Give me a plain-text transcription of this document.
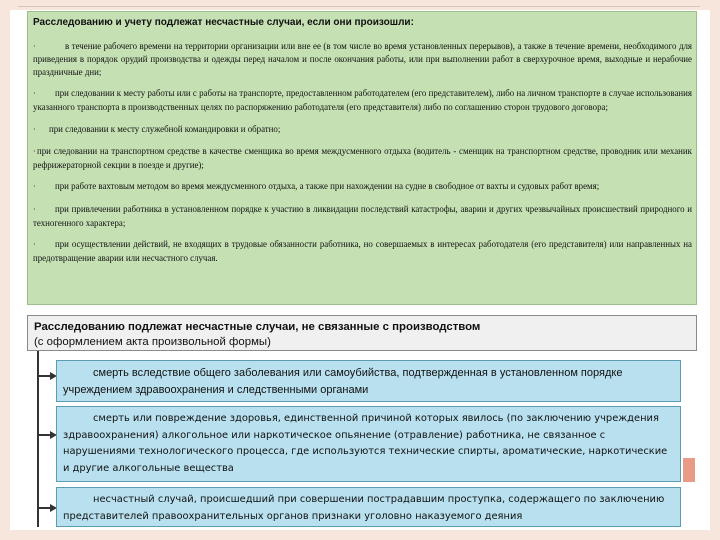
Расследованию и учету подлежат несчастные случаи, если они произошли:
·	в течение рабочего времени на территории организации или вне ее (в том числе во время установленных перерывов), а также в течение времени, необходимого для приведения в порядок орудий производства и одежды перед началом и после окончания работы, или при выполнении работ в сверхурочное время, выходные и нерабочие праздничные дни;
· при следовании к месту работы или с работы на транспорте, предоставленном работодателем (его представителем), либо на личном транспорте в случае использования указанного транспорта в производственных целях по распоряжению работодателя (его представителя) либо по соглашению сторон трудового договора;
· при следовании к месту служебной командировки и обратно;
·при следовании на транспортном средстве в качестве сменщика во время междусменного отдыха (водитель - сменщик на транспортном средстве, проводник или механик рефрижераторной секции в поезде и другие);
· при работе вахтовым методом во время междусменного отдыха, а также при нахождении на судне в свободное от вахты и судовых работ время;
· при привлечении работника в установленном порядке к участию в ликвидации последствий катастрофы, аварии и других чрезвычайных происшествий природного и техногенного характера;
· при осуществлении действий, не входящих в трудовые обязанности работника, но совершаемых в интересах работодателя (его представителя) или направленных на предотвращение аварии или несчастного случая.
Расследованию подлежат несчастные случаи, не связанные с производством
(с оформлением акта произвольной формы)
смерть вследствие общего заболевания или самоубийства, подтвержденная в установленном порядке учреждением здравоохранения и следственными органами
смерть или повреждение здоровья, единственной причиной которых явилось (по заключению учреждения здравоохранения) алкогольное или наркотическое опьянение (отравление) работника, не связанное с нарушениями технологического процесса, где используются технические спирты, ароматические, наркотические и другие алкогольные вещества
несчастный случай, происшедший при совершении пострадавшим проступка, содержащего по заключению представителей правоохранительных органов признаки уголовно наказуемого деяния
